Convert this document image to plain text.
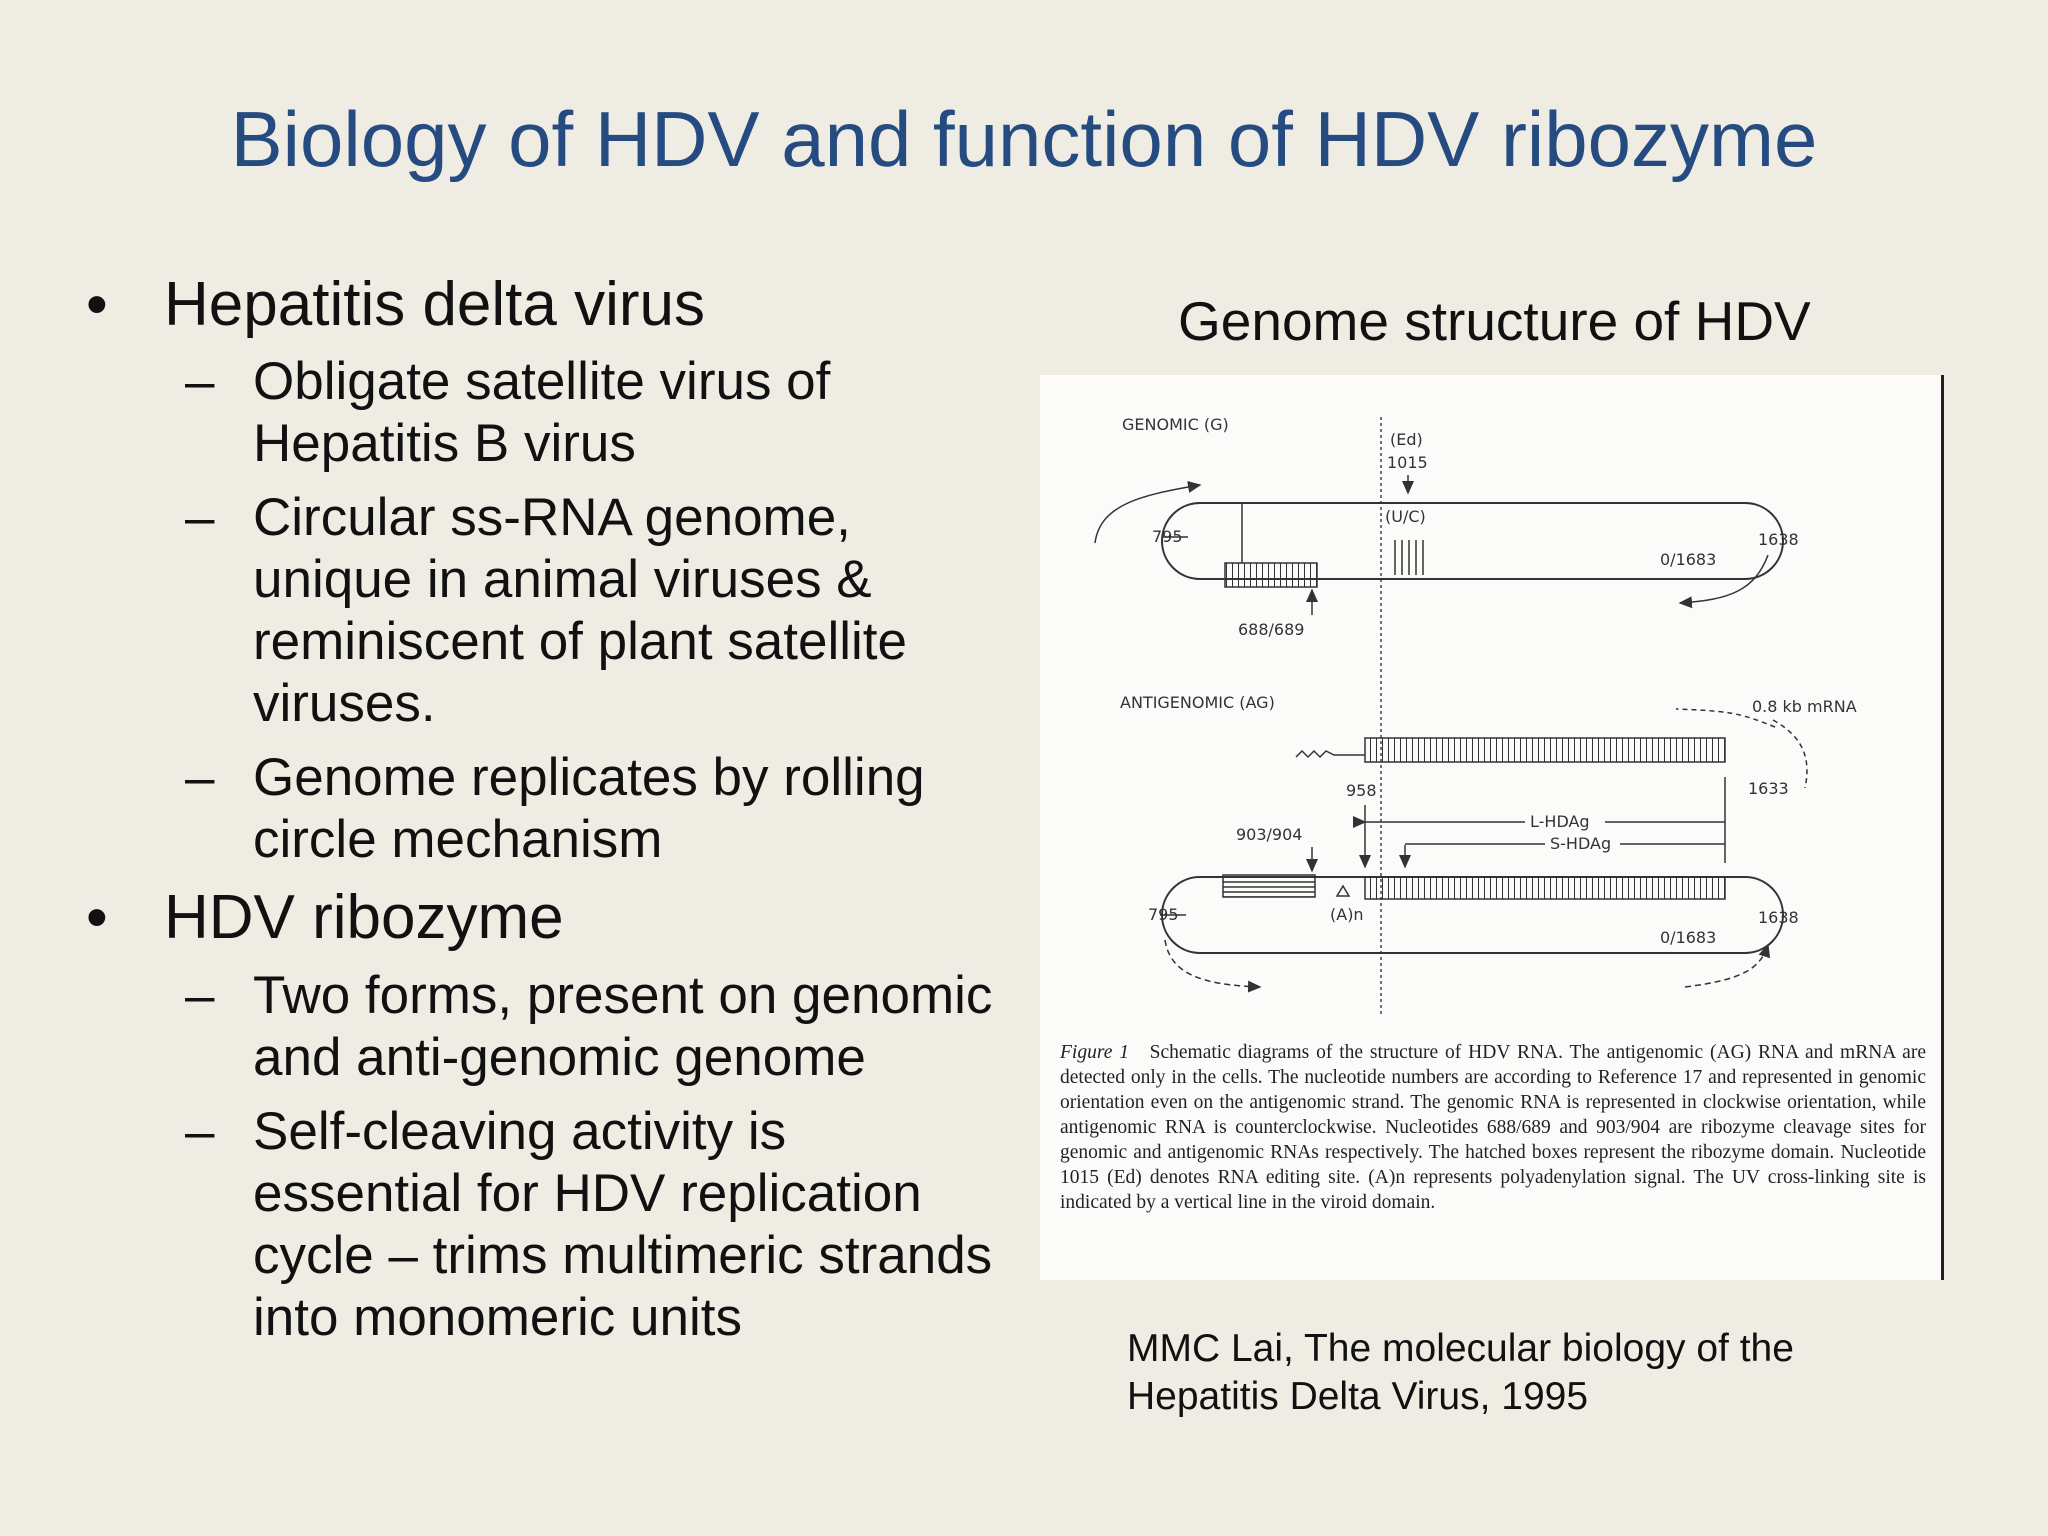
Biology of HDV and function of HDV ribozyme
• Hepatitis delta virus
– Obligate satellite virus of Hepatitis B virus
– Circular ss-RNA genome, unique in animal viruses & reminiscent of plant satellite viruses.
– Genome replicates by rolling circle mechanism
• HDV ribozyme
– Two forms, present on genomic and anti-genomic genome
– Self-cleaving activity is essential for HDV replication cycle – trims multimeric strands into monomeric units
Genome structure of HDV
GENOMIC (G)
(Ed)
1015
(U/C)
795	1638
0/1683
688/689
ANTIGENOMIC (AG)	0.8 kb mRNA
1633
958
903/904
L-HDAg
S-HDAg
(A)n
795	1638
0/1683
Figure 1 Schematic diagrams of the structure of HDV RNA. The antigenomic (AG) RNA and mRNA are detected only in the cells. The nucleotide numbers are according to Reference 17 and represented in genomic orientation even on the antigenomic strand. The genomic RNA is represented in clockwise orientation, while antigenomic RNA is counterclockwise. Nucleotides 688/689 and 903/904 are ribozyme cleavage sites for genomic and antigenomic RNAs respectively. The hatched boxes represent the ribozyme domain. Nucleotide 1015 (Ed) denotes RNA editing site. (A)n represents polyadenylation signal. The UV cross-linking site is indicated by a vertical line in the viroid domain.
MMC Lai, The molecular biology of the
Hepatitis Delta Virus, 1995
